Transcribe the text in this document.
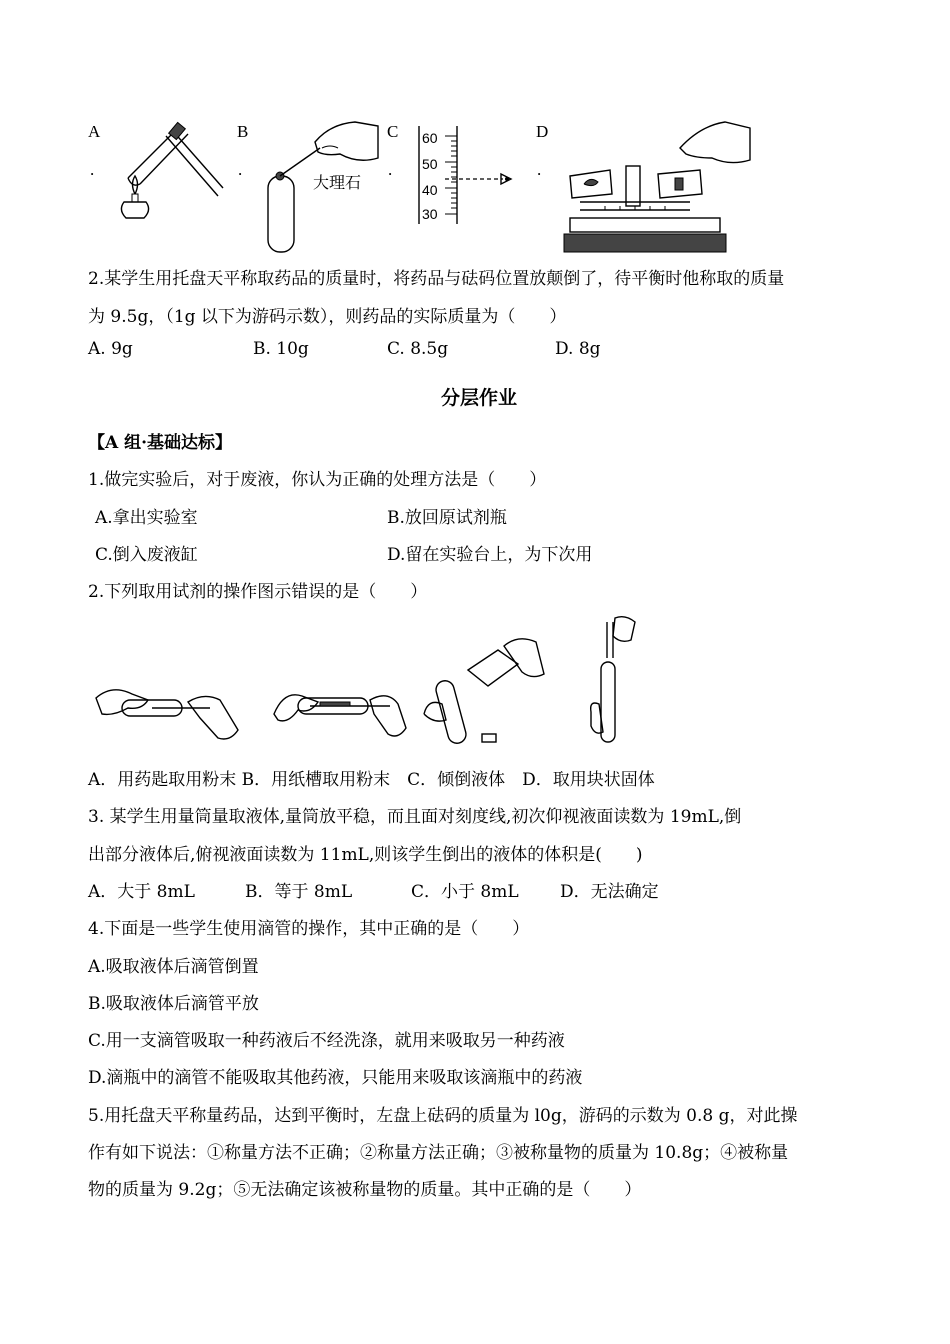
A
.
B
.
C
.
D
.
大理石
60
50
40
30
2.某学生用托盘天平称取药品的质量时，将药品与砝码位置放颠倒了，待平衡时他称取的质量
为 9.5g，（1g 以下为游码示数），则药品的实际质量为（　　）
A. 9g	B. 10g	C. 8.5g	D. 8g
分层作业
【A 组·基础达标】
1.做完实验后，对于废液，你认为正确的处理方法是（　　）
A.拿出实验室	B.放回原试剂瓶
C.倒入废液缸	D.留在实验台上，为下次用
2.下列取用试剂的操作图示错误的是（　　）
A．用药匙取用粉末 B．用纸槽取用粉末　C．倾倒液体　D．取用块状固体
3. 某学生用量筒量取液体,量筒放平稳，而且面对刻度线,初次仰视液面读数为 19mL,倒
出部分液体后,俯视液面读数为 11mL,则该学生倒出的液体的体积是(　　)
A．大于 8mL	B．等于 8mL	C．小于 8mL D．无法确定
4.下面是一些学生使用滴管的操作，其中正确的是（　　）
A.吸取液体后滴管倒置
B.吸取液体后滴管平放
C.用一支滴管吸取一种药液后不经洗涤，就用来吸取另一种药液
D.滴瓶中的滴管不能吸取其他药液，只能用来吸取该滴瓶中的药液
5.用托盘天平称量药品，达到平衡时，左盘上砝码的质量为 l0g，游码的示数为 0.8 g，对此操
作有如下说法：①称量方法不正确；②称量方法正确；③被称量物的质量为 10.8g；④被称量
物的质量为 9.2g；⑤无法确定该被称量物的质量。其中正确的是（　　）
